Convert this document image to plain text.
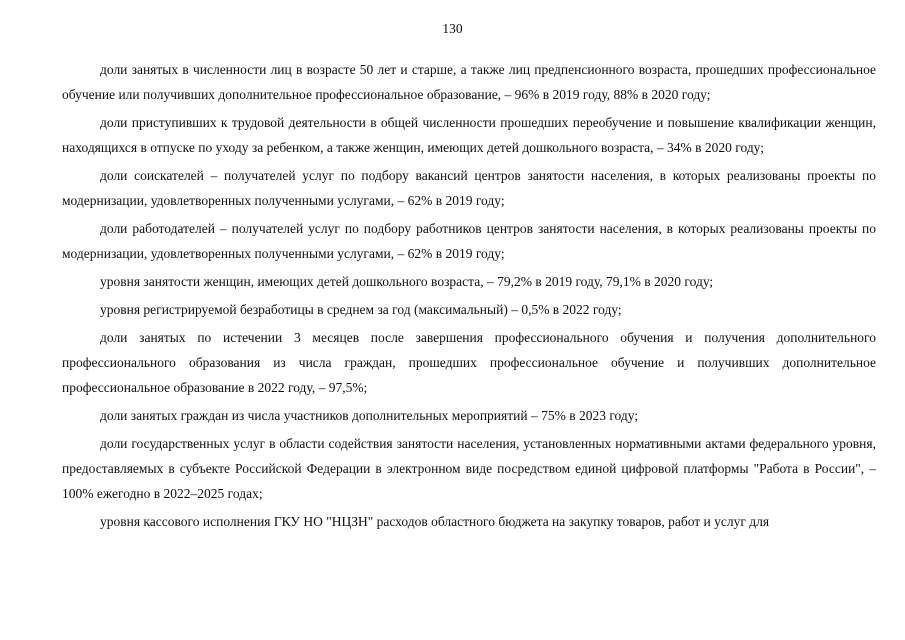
130

доли занятых в численности лиц в возрасте 50 лет и старше, а также лиц предпенсионного возраста, прошедших профессиональное обучение или получивших дополнительное профессиональное образование, – 96% в 2019 году, 88% в 2020 году;

доли приступивших к трудовой деятельности в общей численности прошедших переобучение и повышение квалификации женщин, находящихся в отпуске по уходу за ребенком, а также женщин, имеющих детей дошкольного возраста, – 34% в 2020 году;

доли соискателей – получателей услуг по подбору вакансий центров занятости населения, в которых реализованы проекты по модернизации, удовлетворенных полученными услугами, – 62% в 2019 году;

доли работодателей – получателей услуг по подбору работников центров занятости населения, в которых реализованы проекты по модернизации, удовлетворенных полученными услугами, – 62% в 2019 году;

уровня занятости женщин, имеющих детей дошкольного возраста, – 79,2% в 2019 году, 79,1% в 2020 году;

уровня регистрируемой безработицы в среднем за год (максимальный) – 0,5% в 2022 году;

доли занятых по истечении 3 месяцев после завершения профессионального обучения и получения дополнительного профессионального образования из числа граждан, прошедших профессиональное обучение и получивших дополнительное профессиональное образование в 2022 году, – 97,5%;

доли занятых граждан из числа участников дополнительных мероприятий – 75% в 2023 году;

доли государственных услуг в области содействия занятости населения, установленных нормативными актами федерального уровня, предоставляемых в субъекте Российской Федерации в электронном виде посредством единой цифровой платформы "Работа в России", –100% ежегодно в 2022–2025 годах;

уровня кассового исполнения ГКУ НО "НЦЗН" расходов областного бюджета на закупку товаров, работ и услуг для
